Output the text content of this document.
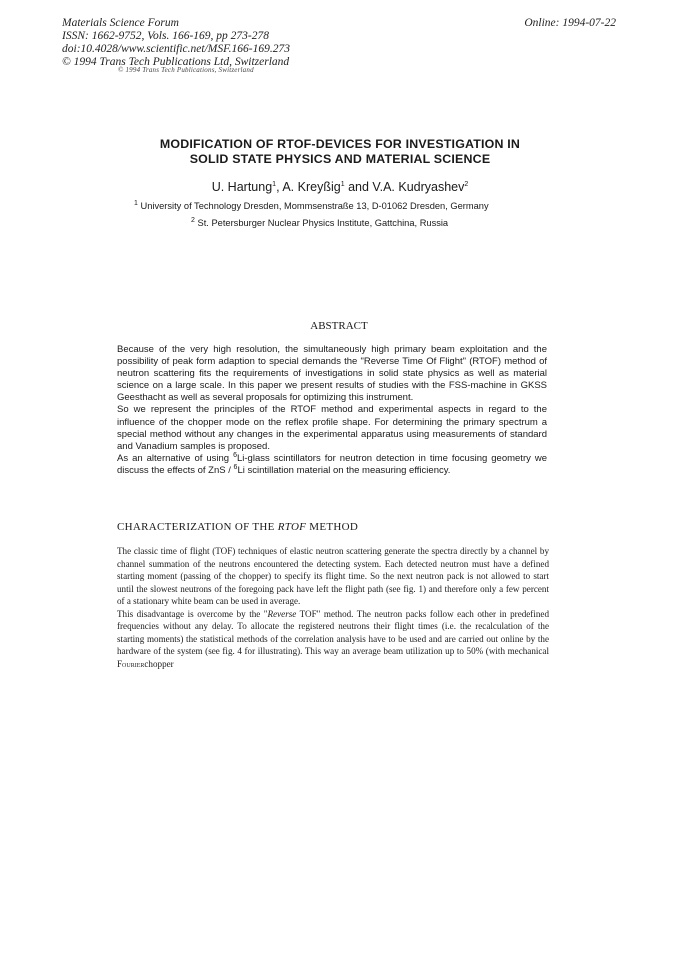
Materials Science Forum
ISSN: 1662-9752, Vols. 166-169, pp 273-278
doi:10.4028/www.scientific.net/MSF.166-169.273
© 1994 Trans Tech Publications Ltd, Switzerland
Online: 1994-07-22
© 1994 Trans Tech Publications, Switzerland
MODIFICATION OF RTOF-DEVICES FOR INVESTIGATION IN
SOLID STATE PHYSICS AND MATERIAL SCIENCE
U. Hartung$^1$, A. Kreyßig$^1$ and V.A. Kudryashev$^2$
$^1$ University of Technology Dresden, Mommsenstraße 13, D-01062 Dresden, Germany
$^2$ St. Petersburger Nuclear Physics Institute, Gattchina, Russia
ABSTRACT

Because of the very high resolution, the simultaneously high primary beam exploitation and the possibility of peak form adaption to special demands the "Reverse Time Of Flight" (RTOF) method of neutron scattering fits the requirements of investigations in solid state physics as well as material science on a large scale. In this paper we present results of studies with the FSS-machine in GKSS Geesthacht as well as several proposals for optimizing this instrument.

So we represent the principles of the RTOF method and experimental aspects in regard to the influence of the chopper mode on the reflex profile shape. For determining the primary spectrum a special method without any changes in the experimental apparatus using measurements of standard and Vanadium samples is proposed.

As an alternative of using $^6$Li-glass scintillators for neutron detection in time focusing geometry we discuss the effects of ZnS / $^6$Li scintillation material on the measuring efficiency.

CHARACTERIZATION OF THE RTOF METHOD

The classic time of flight (TOF) techniques of elastic neutron scattering generate the spectra directly by a channel by channel summation of the neutrons encountered the detecting system. Each detected neutron must have a defined starting moment (passing of the chopper) to specify its flight time. So the next neutron pack is not allowed to start until the slowest neutrons of the foregoing pack have left the flight path (see fig. 1) and therefore only a few percent of a stationary white beam can be used in average.

This disadvantage is overcome by the "Reverse TOF" method. The neutron packs follow each other in predefined frequencies without any delay. To allocate the registered neutrons their flight times (i.e. the recalculation of the starting moments) the statistical methods of the correlation analysis have to be used and are carried out online by the hardware of the system (see fig. 4 for illustrating). This way an average beam utilization up to 50% (with mechanical Fourierchopper
